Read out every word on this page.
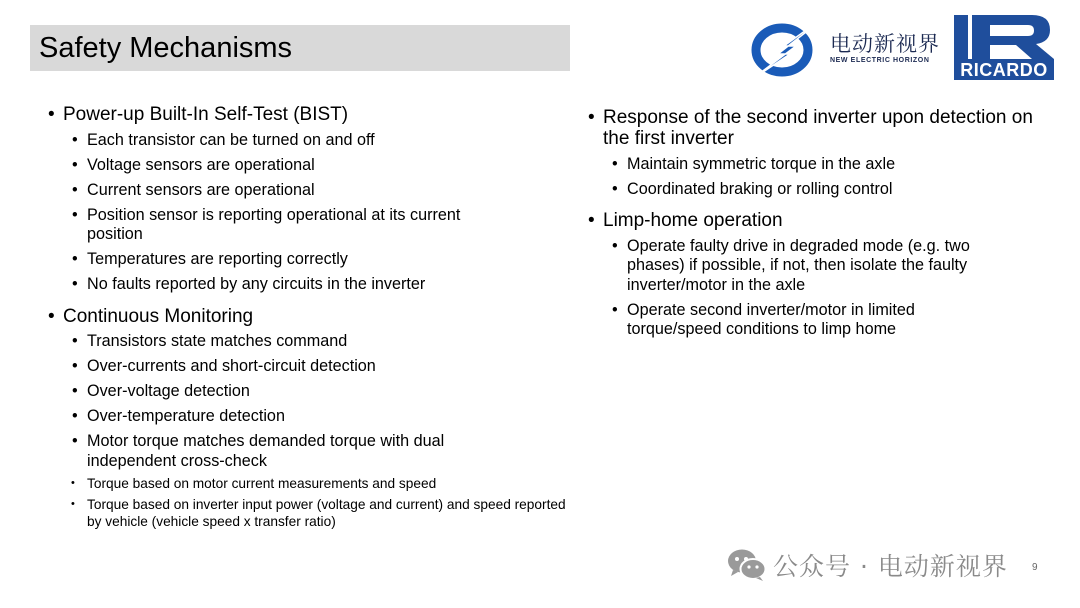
Safety Mechanisms	电动新视界
NEW ELECTRIC HORIZON	RICARDO
• Power-up Built-In Self-Test (BIST)
• Each transistor can be turned on and off
• Voltage sensors are operational
• Current sensors are operational
• Position sensor is reporting operational at its current position
• Temperatures are reporting correctly
• No faults reported by any circuits in the inverter
• Continuous Monitoring
• Transistors state matches command
• Over-currents and short-circuit detection
• Over-voltage detection
• Over-temperature detection
• Motor torque matches demanded torque with dual independent cross-check
• Torque based on motor current measurements and speed
• Torque based on inverter input power (voltage and current) and speed reported by vehicle (vehicle speed x transfer ratio)
• Response of the second inverter upon detection on the first inverter
• Maintain symmetric torque in the axle
• Coordinated braking or rolling control
• Limp-home operation
• Operate faulty drive in degraded mode (e.g. two phases) if possible, if not, then isolate the faulty inverter/motor in the axle
• Operate second inverter/motor in limited torque/speed conditions to limp home
公众号 · 电动新视界 9
